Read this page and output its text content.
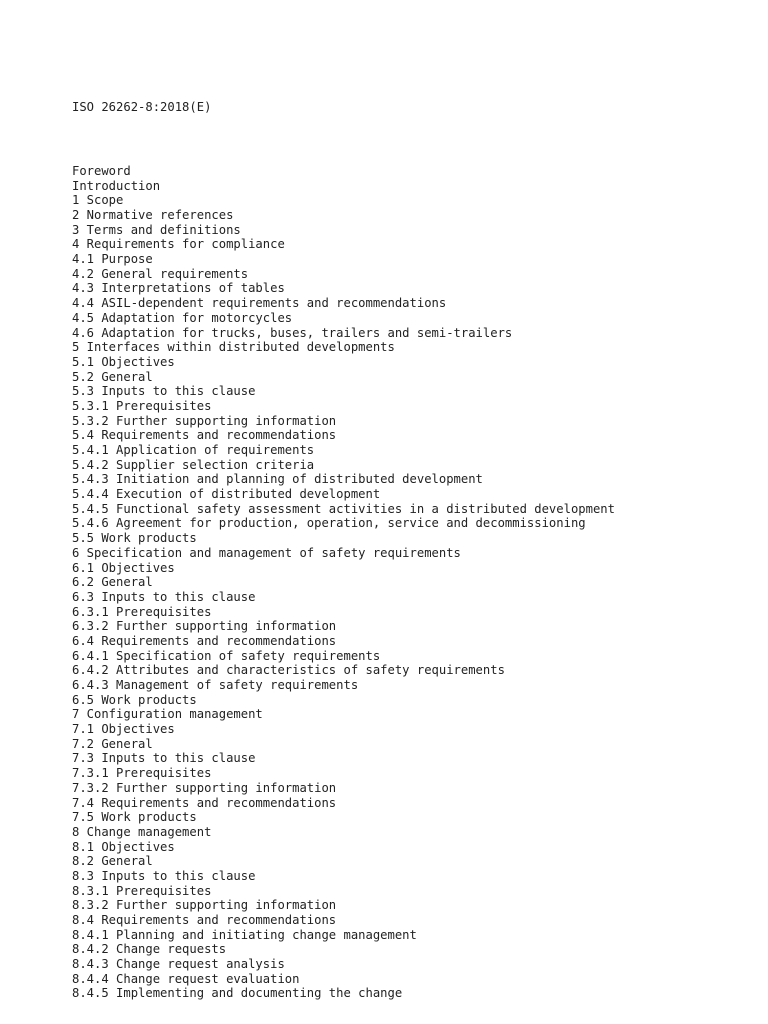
ISO 26262-8:2018(E)

Foreword
Introduction
1 Scope
2 Normative references
3 Terms and definitions
4 Requirements for compliance
4.1 Purpose
4.2 General requirements
4.3 Interpretations of tables
4.4 ASIL-dependent requirements and recommendations
4.5 Adaptation for motorcycles
4.6 Adaptation for trucks, buses, trailers and semi-trailers
5 Interfaces within distributed developments
5.1 Objectives
5.2 General
5.3 Inputs to this clause
5.3.1 Prerequisites
5.3.2 Further supporting information
5.4 Requirements and recommendations
5.4.1 Application of requirements
5.4.2 Supplier selection criteria
5.4.3 Initiation and planning of distributed development
5.4.4 Execution of distributed development
5.4.5 Functional safety assessment activities in a distributed development
5.4.6 Agreement for production, operation, service and decommissioning
5.5 Work products
6 Specification and management of safety requirements
6.1 Objectives
6.2 General
6.3 Inputs to this clause
6.3.1 Prerequisites
6.3.2 Further supporting information
6.4 Requirements and recommendations
6.4.1 Specification of safety requirements
6.4.2 Attributes and characteristics of safety requirements
6.4.3 Management of safety requirements
6.5 Work products
7 Configuration management
7.1 Objectives
7.2 General
7.3 Inputs to this clause
7.3.1 Prerequisites
7.3.2 Further supporting information
7.4 Requirements and recommendations
7.5 Work products
8 Change management
8.1 Objectives
8.2 General
8.3 Inputs to this clause
8.3.1 Prerequisites
8.3.2 Further supporting information
8.4 Requirements and recommendations
8.4.1 Planning and initiating change management
8.4.2 Change requests
8.4.3 Change request analysis
8.4.4 Change request evaluation
8.4.5 Implementing and documenting the change
